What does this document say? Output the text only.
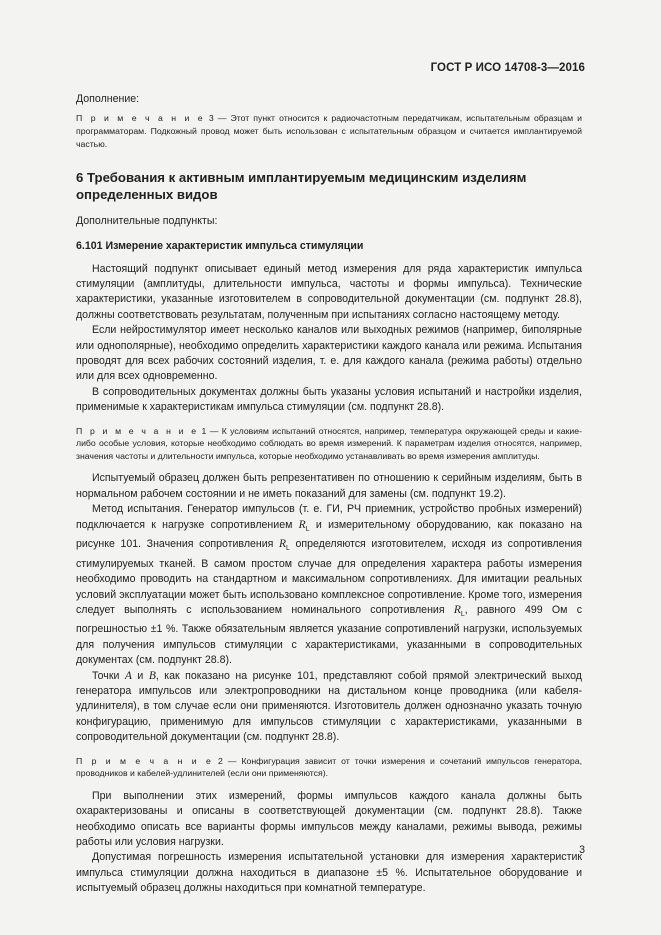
ГОСТ Р ИСО 14708-3—2016

Дополнение:

П р и м е ч а н и е 3 — Этот пункт относится к радиочастотным передатчикам, испытательным образцам и программаторам. Подкожный провод может быть использован с испытательным образцом и считается имплантируемой частью.

6 Требования к активным имплантируемым медицинским изделиям

определенных видов

Дополнительные подпункты:

6.101 Измерение характеристик импульса стимуляции

Настоящий подпункт описывает единый метод измерения для ряда характеристик импульса стимуляции (амплитуды, длительности импульса, частоты и формы импульса). Технические характеристики, указанные изготовителем в сопроводительной документации (см. подпункт 28.8), должны соответствовать результатам, полученным при испытаниях согласно настоящему методу.

Если нейростимулятор имеет несколько каналов или выходных режимов (например, биполярные или однополярные), необходимо определить характеристики каждого канала или режима. Испытания проводят для всех рабочих состояний изделия, т. е. для каждого канала (режима работы) отдельно или для всех одновременно.

В сопроводительных документах должны быть указаны условия испытаний и настройки изделия, применимые к характеристикам импульса стимуляции (см. подпункт 28.8).

П р и м е ч а н и е 1 — К условиям испытаний относятся, например, температура окружающей среды и какие-либо особые условия, которые необходимо соблюдать во время измерений. К параметрам изделия относятся, например, значения частоты и длительности импульса, которые необходимо устанавливать во время измерения амплитуды.

Испытуемый образец должен быть репрезентативен по отношению к серийным изделиям, быть в нормальном рабочем состоянии и не иметь показаний для замены (см. подпункт 19.2).

Метод испытания. Генератор импульсов (т. е. ГИ, РЧ приемник, устройство пробных измерений) подключается к нагрузке сопротивлением $R_L$ и измерительному оборудованию, как показано на рисунке 101. Значения сопротивления $R_L$ определяются изготовителем, исходя из сопротивления стимулируемых тканей. В самом простом случае для определения характера работы измерения необходимо проводить на стандартном и максимальном сопротивлениях. Для имитации реальных условий эксплуатации может быть использовано комплексное сопротивление. Кроме того, измерения следует выполнять с использованием номинального сопротивления $R_L$, равного 499 Ом с погрешностью ±1 %. Также обязательным является указание сопротивлений нагрузки, используемых для получения импульсов стимуляции с характеристиками, указанными в сопроводительных документах (см. подпункт 28.8).

Точки A и B, как показано на рисунке 101, представляют собой прямой электрический выход генератора импульсов или электропроводники на дистальном конце проводника (или кабеля-удлинителя), в том случае если они применяются. Изготовитель должен однозначно указать точную конфигурацию, применимую для импульсов стимуляции с характеристиками, указанными в сопроводительной документации (см. подпункт 28.8).

П р и м е ч а н и е 2 — Конфигурация зависит от точки измерения и сочетаний импульсов генератора, проводников и кабелей-удлинителей (если они применяются).

При выполнении этих измерений, формы импульсов каждого канала должны быть охарактеризованы и описаны в соответствующей документации (см. подпункт 28.8). Также необходимо описать все варианты формы импульсов между каналами, режимы вывода, режимы работы или условия нагрузки.

Допустимая погрешность измерения испытательной установки для измерения характеристик импульса стимуляции должна находиться в диапазоне ±5 %. Испытательное оборудование и испытуемый образец должны находиться при комнатной температуре.

3
